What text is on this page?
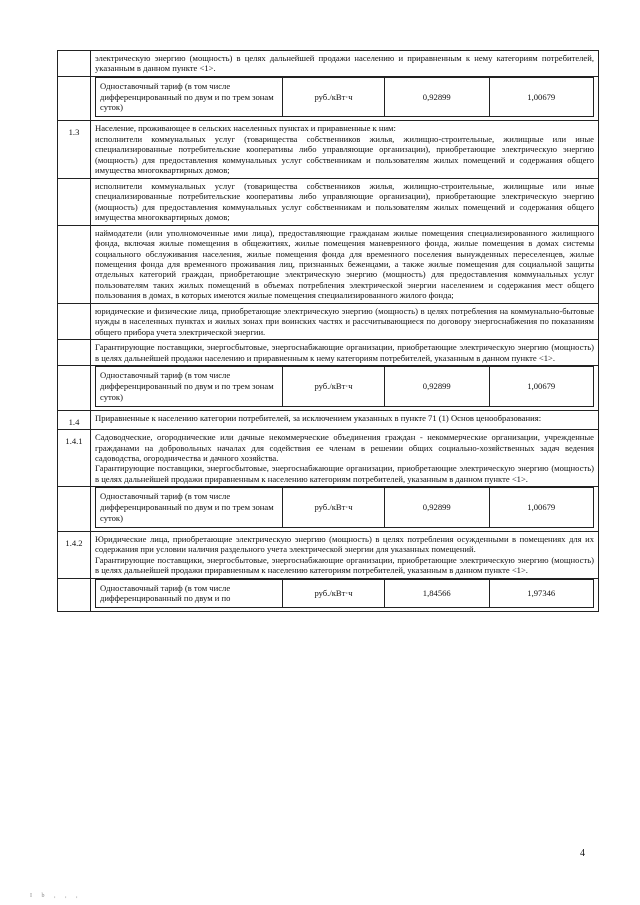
электрическую энергию (мощность) в целях дальнейшей продажи населению и приравненным к нему категориям потребителей, указанным в данном пункте <1>.

Одноставочный тариф (в том числе дифференцированный по двум и по трем зонам суток)	руб./кВт·ч	0,92899	1,00679

1.3	Население, проживающее в сельских населенных пунктах и приравненные к ним:
исполнители коммунальных услуг (товарищества собственников жилья, жилищно-строительные, жилищные или иные специализированные потребительские кооперативы либо управляющие организации), приобретающие электрическую энергию (мощность) для предоставления коммунальных услуг собственникам и пользователям жилых помещений и содержания общего имущества многоквартирных домов;

исполнители коммунальных услуг (товарищества собственников жилья, жилищно-строительные, жилищные или иные специализированные потребительские кооперативы либо управляющие организации), приобретающие электрическую энергию (мощность) для предоставления коммунальных услуг собственникам и пользователям жилых помещений и содержания общего имущества многоквартирных домов;

наймодатели (или уполномоченные ими лица), предоставляющие гражданам жилые помещения специализированного жилищного фонда, включая жилые помещения в общежитиях, жилые помещения маневренного фонда, жилые помещения в домах системы социального обслуживания населения, жилые помещения фонда для временного поселения вынужденных переселенцев, жилые помещения фонда для временного проживания лиц, признанных беженцами, а также жилые помещения для социальной защиты отдельных категорий граждан, приобретающие электрическую энергию (мощность) для предоставления коммунальных услуг пользователям таких жилых помещений в объемах потребления электрической энергии населением и содержания мест общего пользования в домах, в которых имеются жилые помещения специализированного жилого фонда;

юридические и физические лица, приобретающие электрическую энергию (мощность) в целях потребления на коммунально-бытовые нужды в населенных пунктах и жилых зонах при воинских частях и рассчитывающиеся по договору энергоснабжения по показаниям общего прибора учета электрической энергии.

Гарантирующие поставщики, энергосбытовые, энергоснабжающие организации, приобретающие электрическую энергию (мощность) в целях дальнейшей продажи населению и приравненным к нему категориям потребителей, указанным в данном пункте <1>.

Одноставочный тариф (в том числе дифференцированный по двум и по трем зонам суток)	руб./кВт·ч	0,92899	1,00679

1.4	Приравненные к населению категории потребителей, за исключением указанных в пункте 71 (1) Основ ценообразования:

1.4.1	Садоводческие, огороднические или дачные некоммерческие объединения граждан - некоммерческие организации, учрежденные гражданами на добровольных началах для содействия ее членам в решении общих социально-хозяйственных задач ведения садоводства, огородничества и дачного хозяйства.
Гарантирующие поставщики, энергосбытовые, энергоснабжающие организации, приобретающие электрическую энергию (мощность) в целях дальнейшей продажи приравненным к населению категориям потребителей, указанным в данном пункте <1>.

Одноставочный тариф (в том числе дифференцированный по двум и по трем зонам суток)	руб./кВт·ч	0,92899	1,00679

1.4.2	Юридические лица, приобретающие электрическую энергию (мощность) в целях потребления осужденными в помещениях для их содержания при условии наличия раздельного учета электрической энергии для указанных помещений.
Гарантирующие поставщики, энергосбытовые, энергоснабжающие организации, приобретающие электрическую энергию (мощность) в целях дальнейшей продажи приравненным к населению категориям потребителей, указанным в данном пункте <1>.

Одноставочный тариф (в том числе дифференцированный по двум и по	руб./кВт·ч	1,84566	1,97346
4
I b , , ,
